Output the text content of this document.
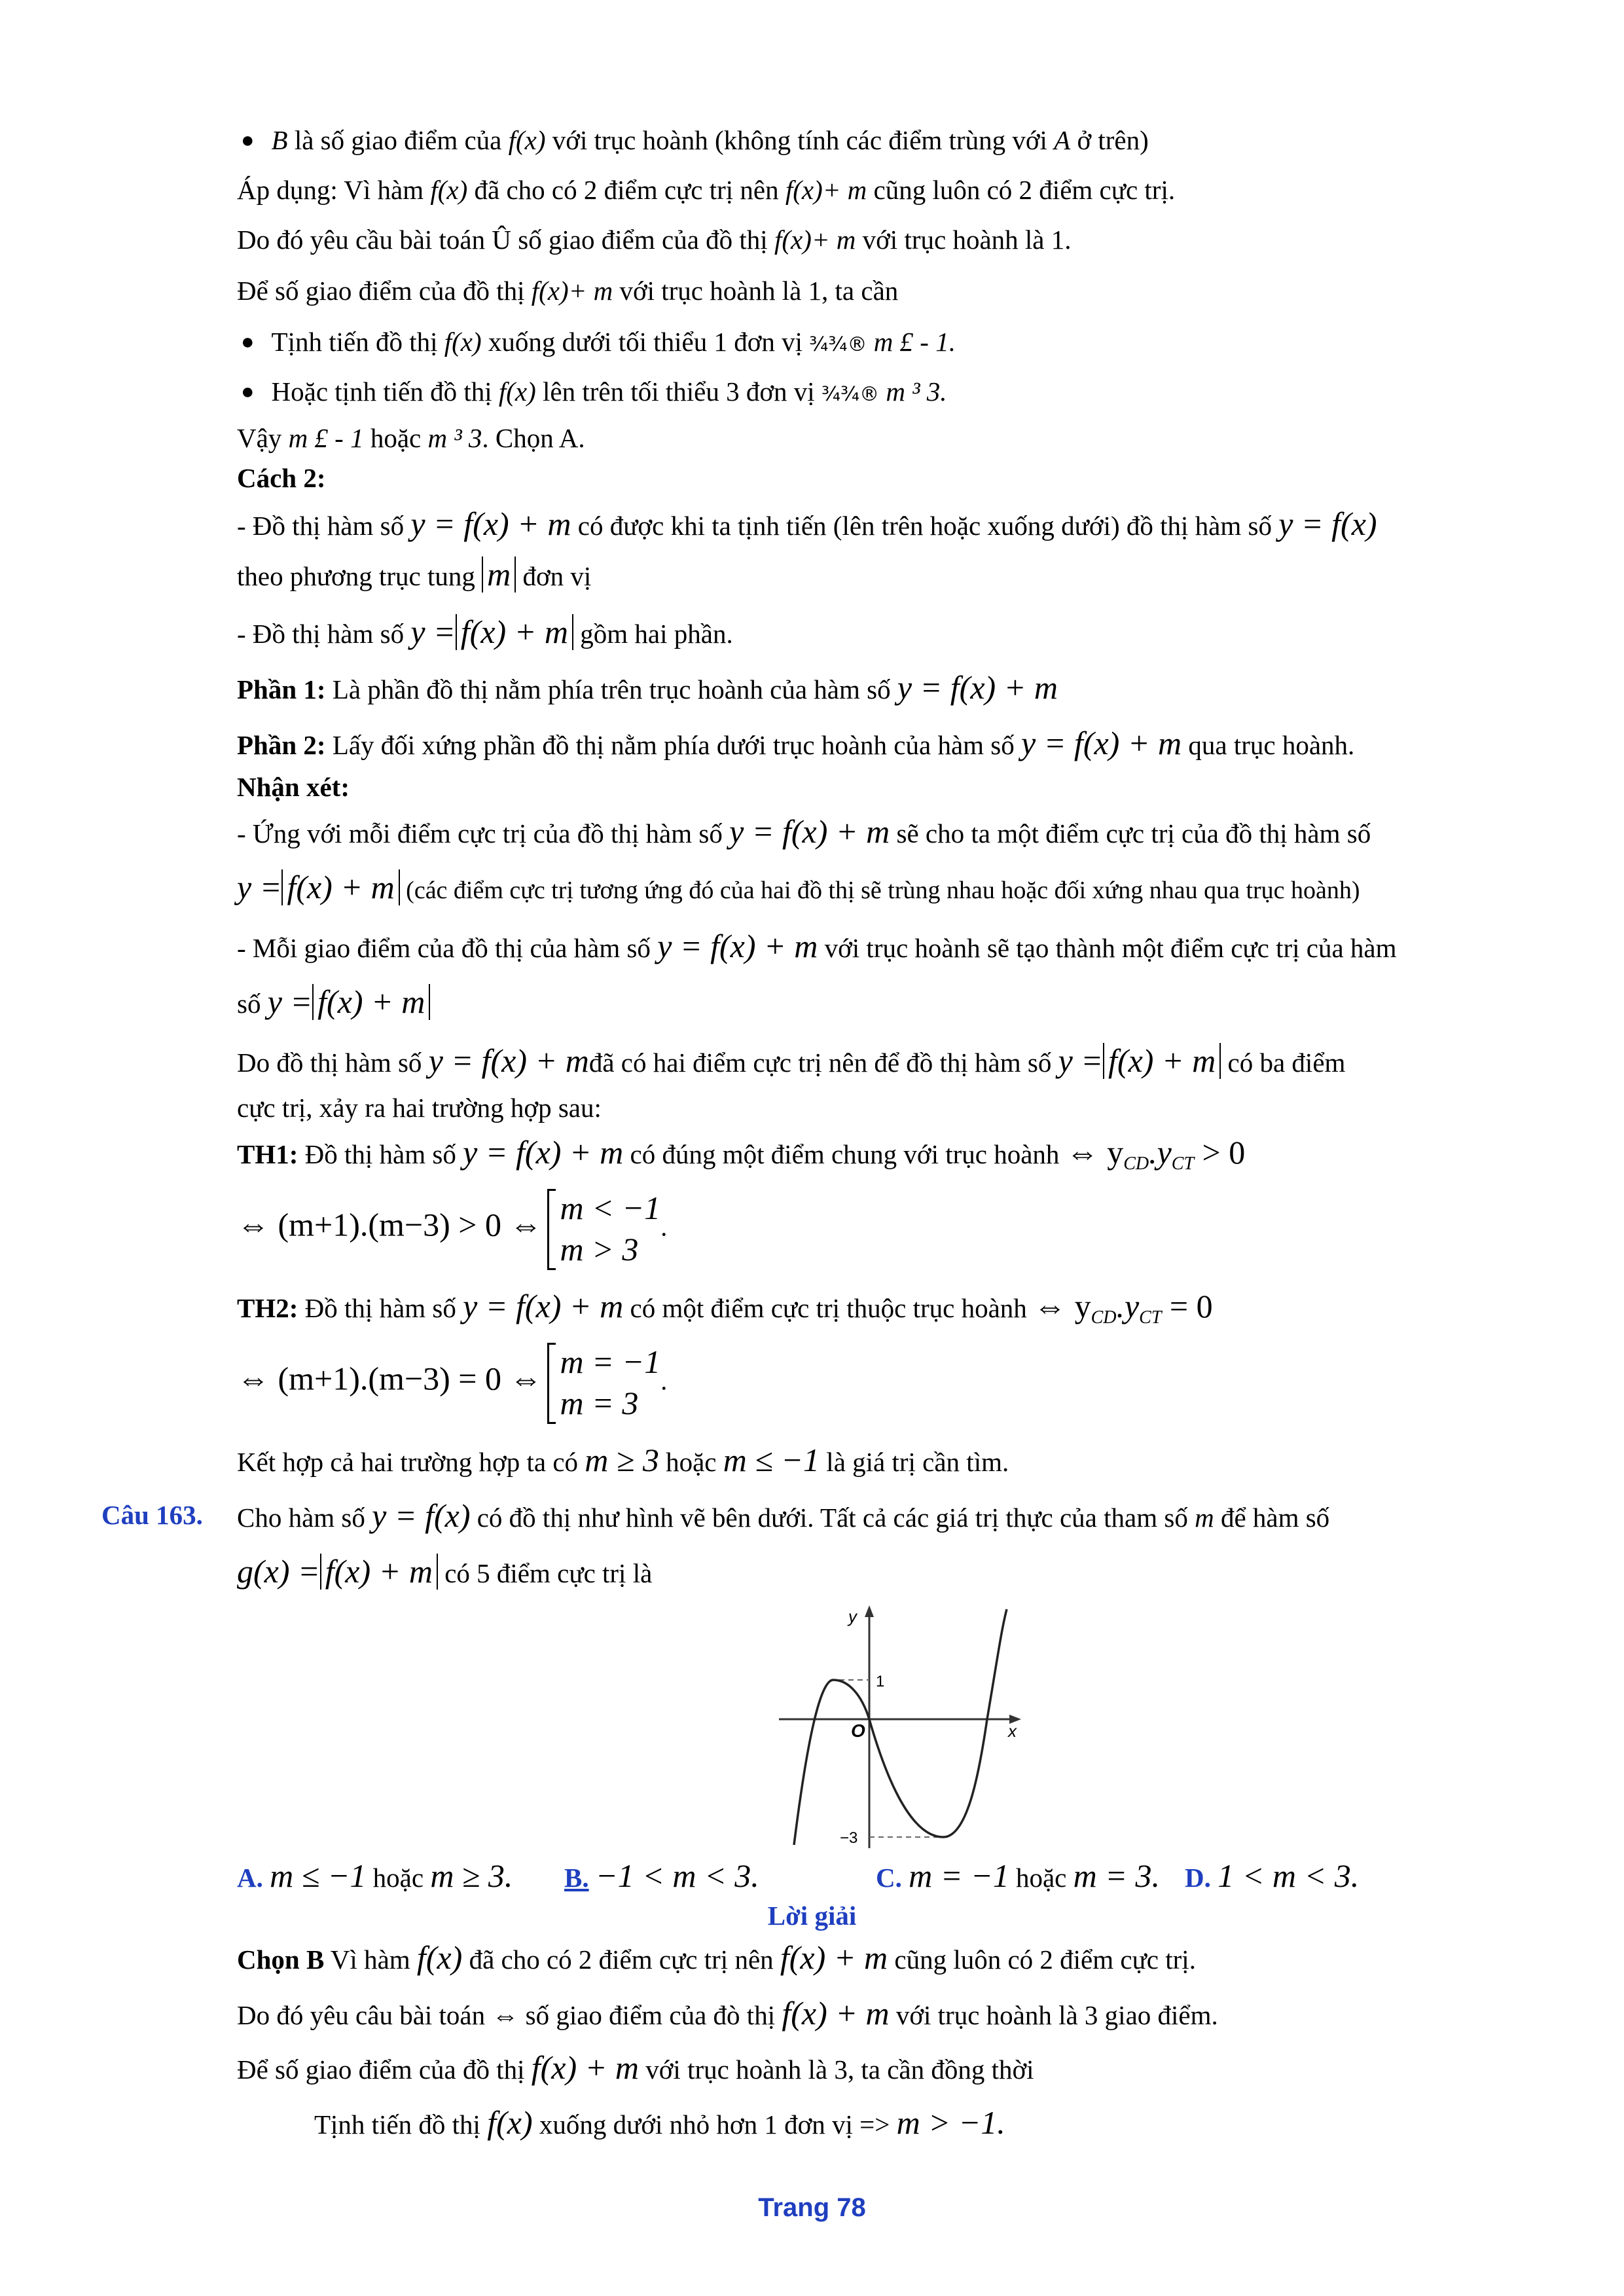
● B là số giao điểm của f(x) với trục hoành (không tính các điểm trùng với A ở trên)
Áp dụng: Vì hàm f(x) đã cho có 2 điểm cực trị nên f(x)+ m cũng luôn có 2 điểm cực trị.
Do đó yêu cầu bài toán Û số giao điểm của đồ thị f(x)+ m với trục hoành là 1.
Để số giao điểm của đồ thị f(x)+ m với trục hoành là 1, ta cần
● Tịnh tiến đồ thị f(x) xuống dưới tối thiểu 1 đơn vị ¾¾® m £ - 1.
● Hoặc tịnh tiến đồ thị f(x) lên trên tối thiểu 3 đơn vị ¾¾® m ³ 3.
Vậy m £ - 1 hoặc m ³ 3. Chọn A.
Cách 2:
- Đồ thị hàm số y = f(x) + m có được khi ta tịnh tiến (lên trên hoặc xuống dưới) đồ thị hàm số y = f(x)
theo phương trục tung m đơn vị
- Đồ thị hàm số y = f(x) + m gồm hai phần.
Phần 1: Là phần đồ thị nằm phía trên trục hoành của hàm số y = f(x) + m
Phần 2: Lấy đối xứng phần đồ thị nằm phía dưới trục hoành của hàm số y = f(x) + m qua trục hoành.
Nhận xét:
- Ứng với mỗi điểm cực trị của đồ thị hàm số y = f(x) + m sẽ cho ta một điểm cực trị của đồ thị hàm số
y = f(x) + m (các điểm cực trị tương ứng đó của hai đồ thị sẽ trùng nhau hoặc đối xứng nhau qua trục hoành)
- Mỗi giao điểm của đồ thị của hàm số y = f(x) + m với trục hoành sẽ tạo thành một điểm cực trị của hàm
số y = f(x) + m
Do đồ thị hàm số y = f(x) + mđã có hai điểm cực trị nên để đồ thị hàm số y = f(x) + m có ba điểm
cực trị, xảy ra hai trường hợp sau:
TH1: Đồ thị hàm số y = f(x) + m có đúng một điểm chung với trục hoành ⇔ $y_{CD}.y_{CT} > 0$
⇔ (m+1).(m−3) > 0 ⇔ m < −1
m > 3.
TH2: Đồ thị hàm số y = f(x) + m có một điểm cực trị thuộc trục hoành ⇔ $y_{CD}.y_{CT} = 0$
⇔ (m+1).(m−3) = 0 ⇔ m = −1
m = 3.
Kết hợp cả hai trường hợp ta có m ≥ 3 hoặc m ≤ −1 là giá trị cần tìm.
Câu 163. Cho hàm số y = f(x) có đồ thị như hình vẽ bên dưới. Tất cả các giá trị thực của tham số m để hàm số
g(x) = f(x) + m có 5 điểm cực trị là
y
x
O
1
−3
A. m ≤ −1 hoặc m ≥ 3. B. −1 < m < 3.	C. m = −1 hoặc m = 3. D. 1 < m < 3.
Lời giải
Chọn B Vì hàm f(x) đã cho có 2 điểm cực trị nên f(x) + m cũng luôn có 2 điểm cực trị.
Do đó yêu câu bài toán ⇔ số giao điểm của đò thị f(x) + m với trục hoành là 3 giao điểm.
Để số giao điểm của đồ thị f(x) + m với trục hoành là 3, ta cần đồng thời
Tịnh tiến đồ thị f(x) xuống dưới nhỏ hơn 1 đơn vị => m > −1.
Trang 78
